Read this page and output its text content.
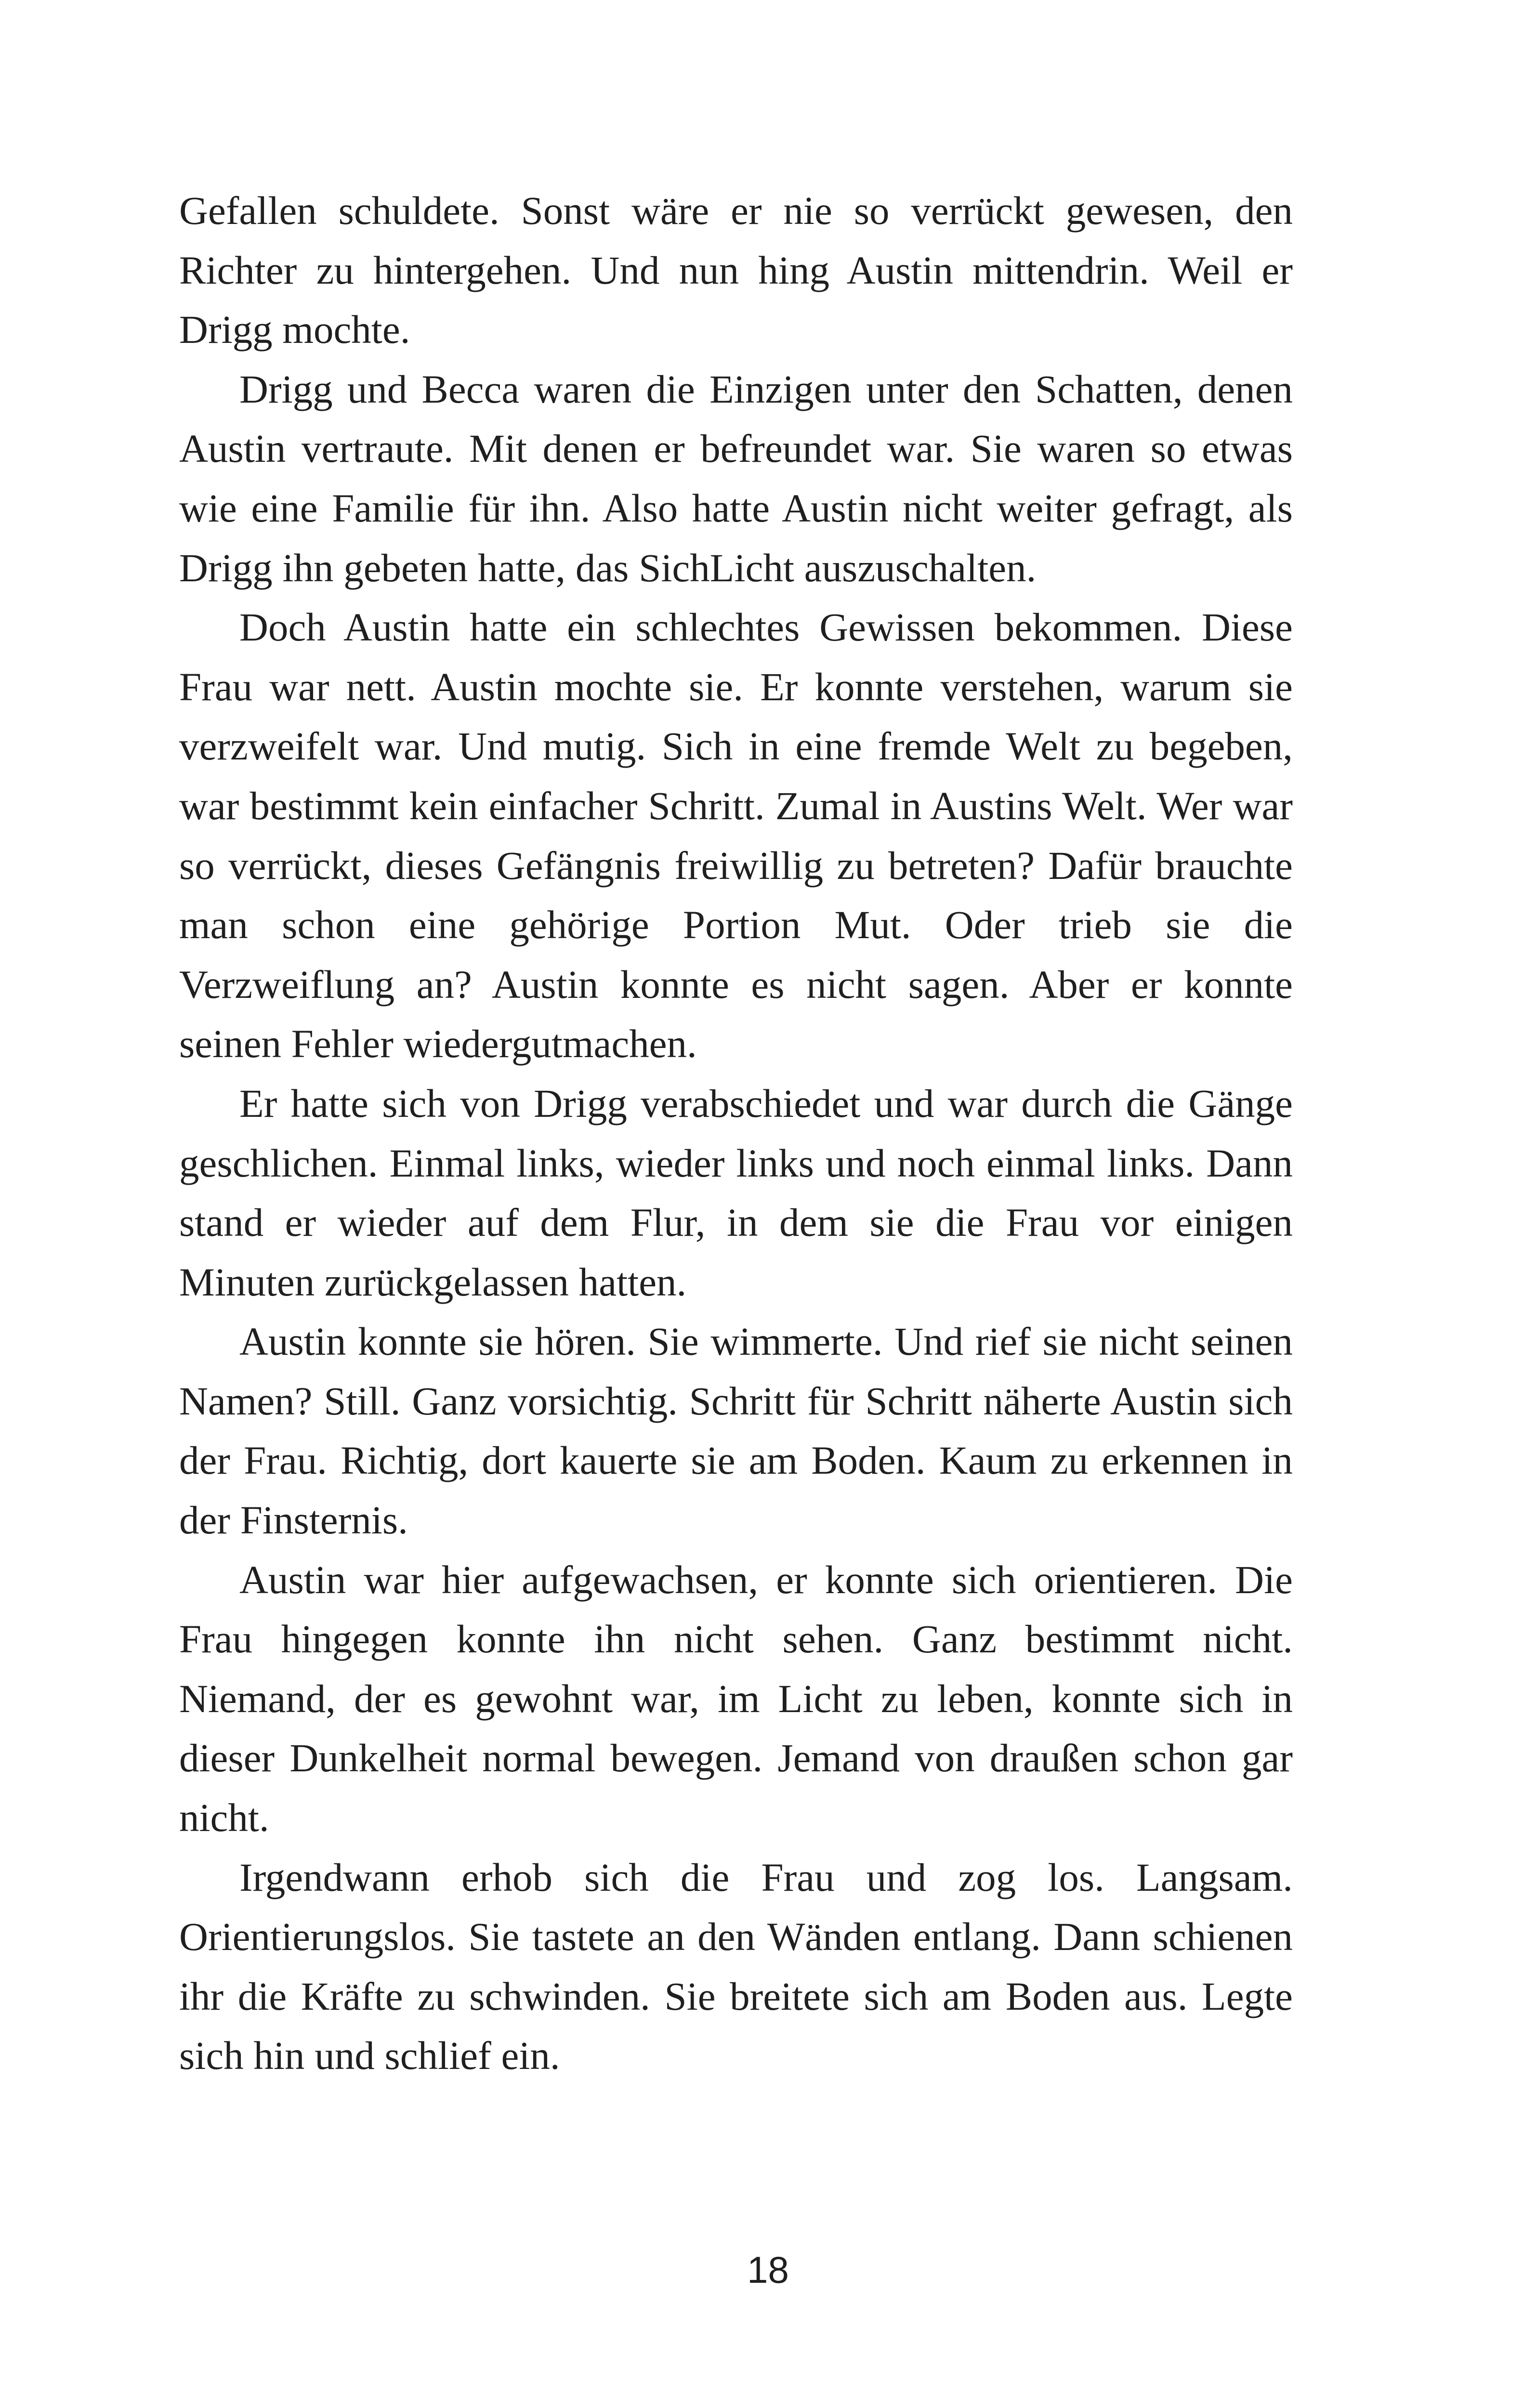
Gefallen schuldete. Sonst wäre er nie so verrückt gewesen, den Richter zu hintergehen. Und nun hing Austin mittendrin. Weil er Drigg mochte.

Drigg und Becca waren die Einzigen unter den Schatten, denen Austin vertraute. Mit denen er befreundet war. Sie waren so etwas wie eine Familie für ihn. Also hatte Austin nicht weiter gefragt, als Drigg ihn gebeten hatte, das SichLicht auszuschalten.

Doch Austin hatte ein schlechtes Gewissen bekommen. Diese Frau war nett. Austin mochte sie. Er konnte verstehen, warum sie verzweifelt war. Und mutig. Sich in eine fremde Welt zu begeben, war bestimmt kein einfacher Schritt. Zumal in Austins Welt. Wer war so verrückt, dieses Gefängnis freiwillig zu betreten? Dafür brauchte man schon eine gehörige Portion Mut. Oder trieb sie die Verzweiflung an? Austin konnte es nicht sagen. Aber er konnte seinen Fehler wiedergutmachen.

Er hatte sich von Drigg verabschiedet und war durch die Gänge geschlichen. Einmal links, wieder links und noch einmal links. Dann stand er wieder auf dem Flur, in dem sie die Frau vor einigen Minuten zurückgelassen hatten.

Austin konnte sie hören. Sie wimmerte. Und rief sie nicht seinen Namen? Still. Ganz vorsichtig. Schritt für Schritt näherte Austin sich der Frau. Richtig, dort kauerte sie am Boden. Kaum zu erkennen in der Finsternis.

Austin war hier aufgewachsen, er konnte sich orientieren. Die Frau hingegen konnte ihn nicht sehen. Ganz bestimmt nicht. Niemand, der es gewohnt war, im Licht zu leben, konnte sich in dieser Dunkelheit normal bewegen. Jemand von draußen schon gar nicht.

Irgendwann erhob sich die Frau und zog los. Langsam. Orientierungslos. Sie tastete an den Wänden entlang. Dann schienen ihr die Kräfte zu schwinden. Sie breitete sich am Boden aus. Legte sich hin und schlief ein.

18
